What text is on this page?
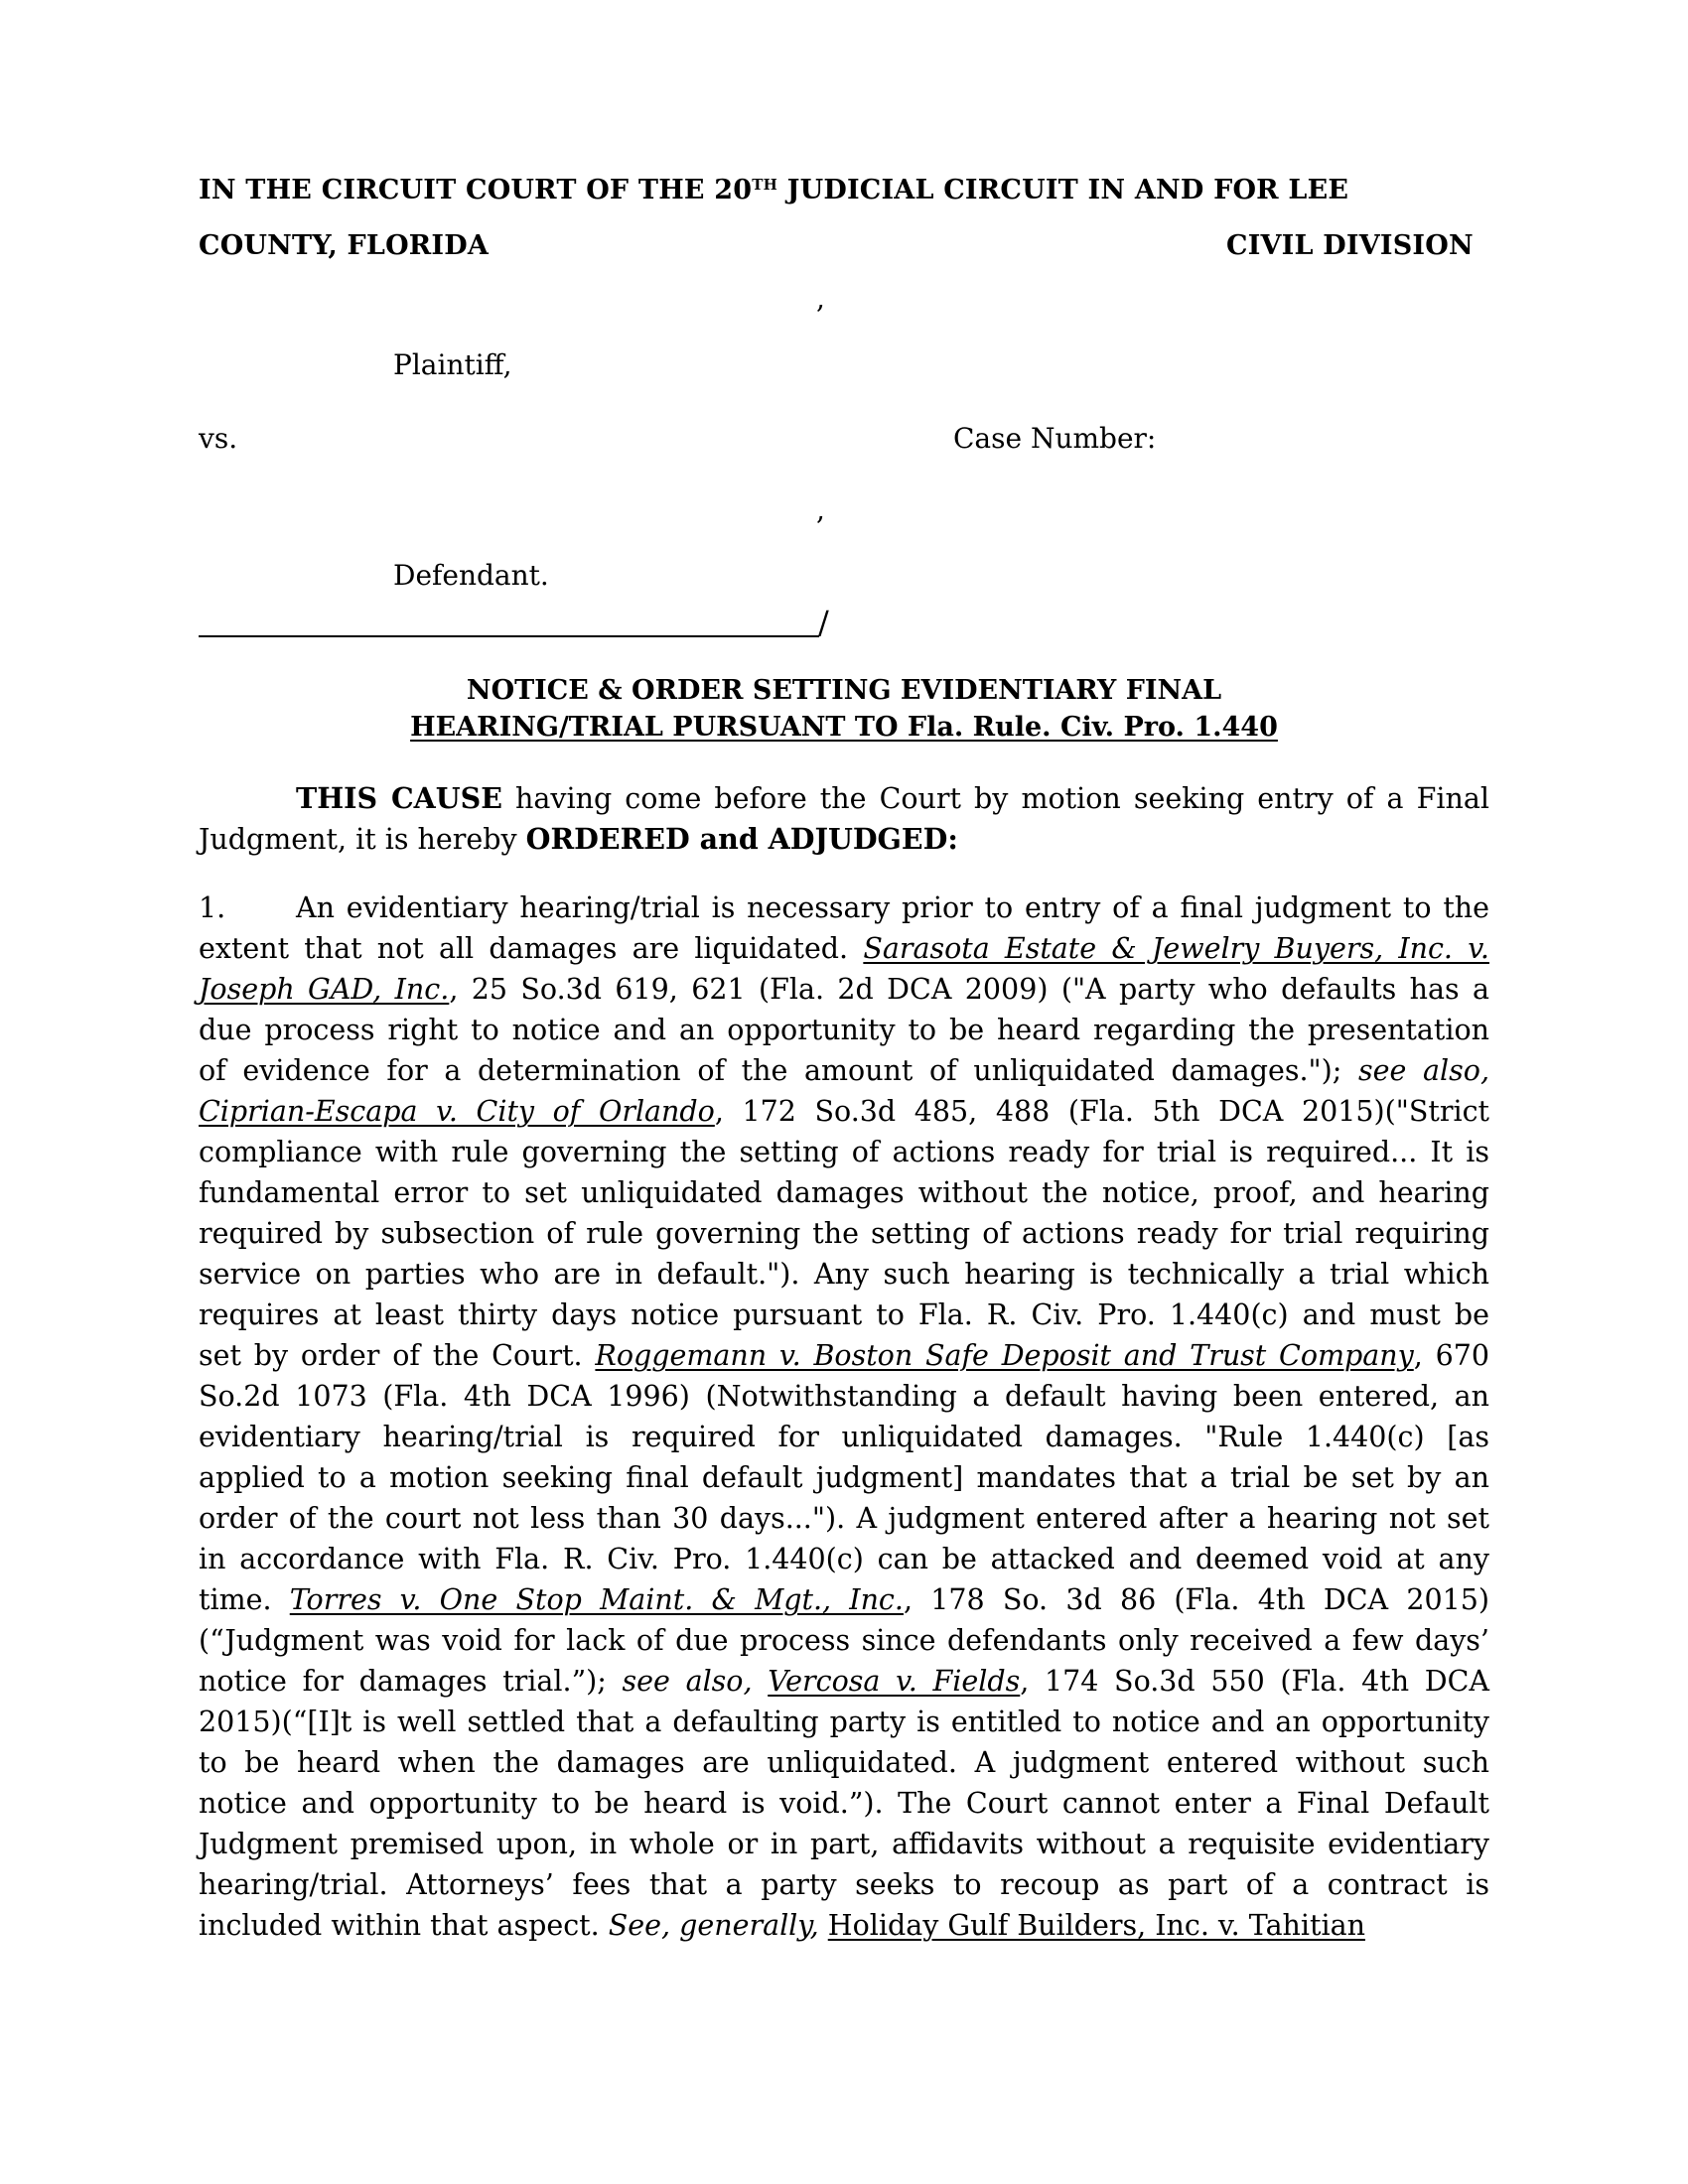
IN THE CIRCUIT COURT OF THE 20TH JUDICIAL CIRCUIT IN AND FOR LEE
COUNTY, FLORIDA	CIVIL DIVISION
,
Plaintiff,
vs.	Case Number:
,
Defendant.
/
NOTICE & ORDER SETTING EVIDENTIARY FINAL
HEARING/TRIAL PURSUANT TO Fla. Rule. Civ. Pro. 1.440
THIS CAUSE having come before the Court by motion seeking entry of a Final
Judgment, it is hereby ORDERED and ADJUDGED:
1. An evidentiary hearing/trial is necessary prior to entry of a final judgment to the
extent that not all damages are liquidated. Sarasota Estate & Jewelry Buyers, Inc. v.
Joseph GAD, Inc., 25 So.3d 619, 621 (Fla. 2d DCA 2009) ("A party who defaults has a
due process right to notice and an opportunity to be heard regarding the presentation
of evidence for a determination of the amount of unliquidated damages."); see also,
Ciprian-Escapa v. City of Orlando, 172 So.3d 485, 488 (Fla. 5th DCA 2015)("Strict
compliance with rule governing the setting of actions ready for trial is required... It is
fundamental error to set unliquidated damages without the notice, proof, and hearing
required by subsection of rule governing the setting of actions ready for trial requiring
service on parties who are in default."). Any such hearing is technically a trial which
requires at least thirty days notice pursuant to Fla. R. Civ. Pro. 1.440(c) and must be
set by order of the Court. Roggemann v. Boston Safe Deposit and Trust Company, 670
So.2d 1073 (Fla. 4th DCA 1996) (Notwithstanding a default having been entered, an
evidentiary hearing/trial is required for unliquidated damages. "Rule 1.440(c) [as
applied to a motion seeking final default judgment] mandates that a trial be set by an
order of the court not less than 30 days..."). A judgment entered after a hearing not set
in accordance with Fla. R. Civ. Pro. 1.440(c) can be attacked and deemed void at any
time. Torres v. One Stop Maint. & Mgt., Inc., 178 So. 3d 86 (Fla. 4th DCA 2015)
(“Judgment was void for lack of due process since defendants only received a few days’
notice for damages trial.”); see also, Vercosa v. Fields, 174 So.3d 550 (Fla. 4th DCA
2015)(“[I]t is well settled that a defaulting party is entitled to notice and an opportunity
to be heard when the damages are unliquidated. A judgment entered without such
notice and opportunity to be heard is void.”). The Court cannot enter a Final Default
Judgment premised upon, in whole or in part, affidavits without a requisite evidentiary
hearing/trial. Attorneys’ fees that a party seeks to recoup as part of a contract is
included within that aspect. See, generally, Holiday Gulf Builders, Inc. v. Tahitian
